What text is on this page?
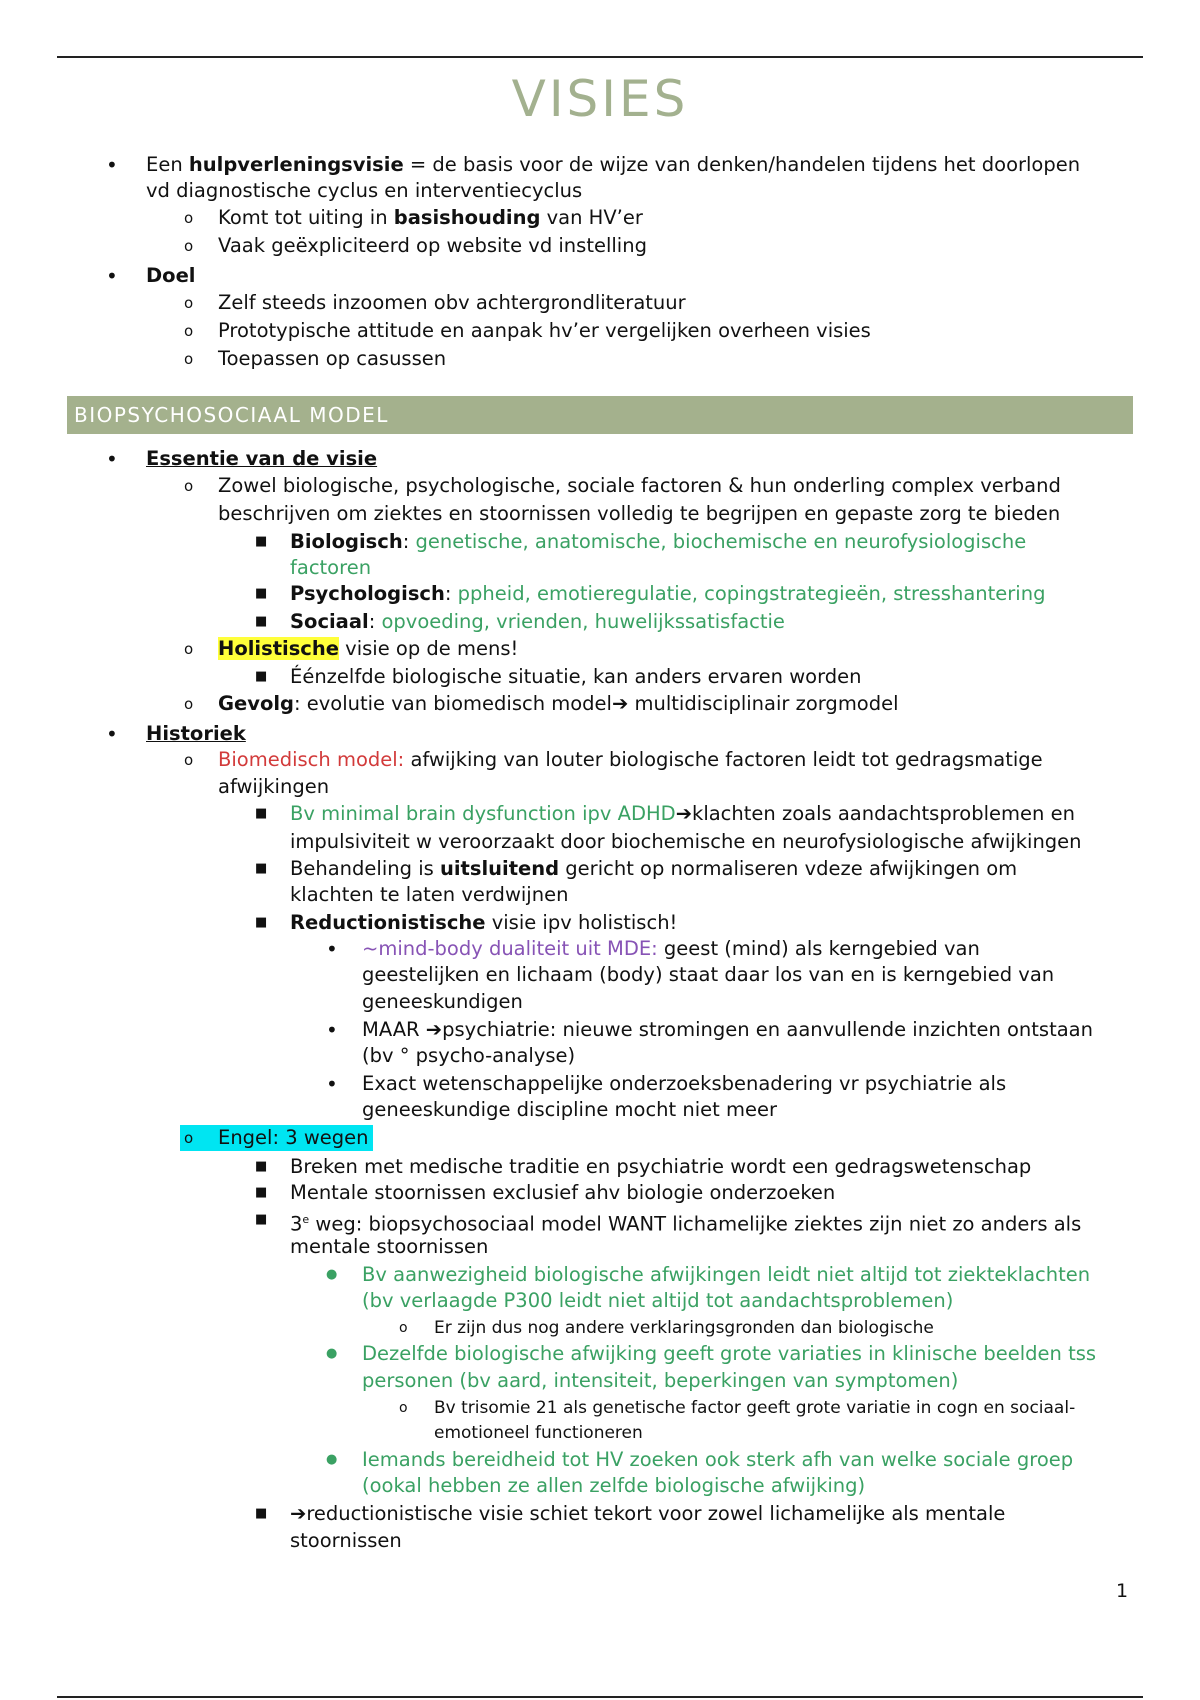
VISIES
• Een hulpverleningsvisie = de basis voor de wijze van denken/handelen tijdens het doorlopen

vd diagnostische cyclus en interventiecyclus

o Komt tot uiting in basishouding van HV’er

o Vaak geëxpliciteerd op website vd instelling

• Doel

o Zelf steeds inzoomen obv achtergrondliteratuur

o Prototypische attitude en aanpak hv’er vergelijken overheen visies

o Toepassen op casussen

BIOPSYCHOSOCIAAL MODEL
• Essentie van de visie

o Zowel biologische, psychologische, sociale factoren & hun onderling complex verband

beschrijven om ziektes en stoornissen volledig te begrijpen en gepaste zorg te bieden

■ Biologisch: genetische, anatomische, biochemische en neurofysiologische

factoren

■ Psychologisch: ppheid, emotieregulatie, copingstrategieën, stresshantering

■ Sociaal: opvoeding, vrienden, huwelijkssatisfactie

o Holistische visie op de mens!

■ Éénzelfde biologische situatie, kan anders ervaren worden

o Gevolg: evolutie van biomedisch model➔ multidisciplinair zorgmodel

• Historiek

o Biomedisch model: afwijking van louter biologische factoren leidt tot gedragsmatige

afwijkingen

■ Bv minimal brain dysfunction ipv ADHD➔klachten zoals aandachtsproblemen en

impulsiviteit w veroorzaakt door biochemische en neurofysiologische afwijkingen

■ Behandeling is uitsluitend gericht op normaliseren vdeze afwijkingen om

klachten te laten verdwijnen

■ Reductionistische visie ipv holistisch!

• ~mind-body dualiteit uit MDE: geest (mind) als kerngebied van

geestelijken en lichaam (body) staat daar los van en is kerngebied van

geneeskundigen

• MAAR ➔psychiatrie: nieuwe stromingen en aanvullende inzichten ontstaan

(bv ° psycho-analyse)

• Exact wetenschappelijke onderzoeksbenadering vr psychiatrie als

geneeskundige discipline mocht niet meer

o Engel: 3 wegen

■ Breken met medische traditie en psychiatrie wordt een gedragswetenschap

■ Mentale stoornissen exclusief ahv biologie onderzoeken

■ 3e weg: biopsychosociaal model WANT lichamelijke ziektes zijn niet zo anders als

mentale stoornissen

● Bv aanwezigheid biologische afwijkingen leidt niet altijd tot ziekteklachten

(bv verlaagde P300 leidt niet altijd tot aandachtsproblemen)

o Er zijn dus nog andere verklaringsgronden dan biologische

● Dezelfde biologische afwijking geeft grote variaties in klinische beelden tss

personen (bv aard, intensiteit, beperkingen van symptomen)

o Bv trisomie 21 als genetische factor geeft grote variatie in cogn en sociaal-

emotioneel functioneren

● Iemands bereidheid tot HV zoeken ook sterk afh van welke sociale groep

(ookal hebben ze allen zelfde biologische afwijking)

■ ➔reductionistische visie schiet tekort voor zowel lichamelijke als mentale

stoornissen

1
